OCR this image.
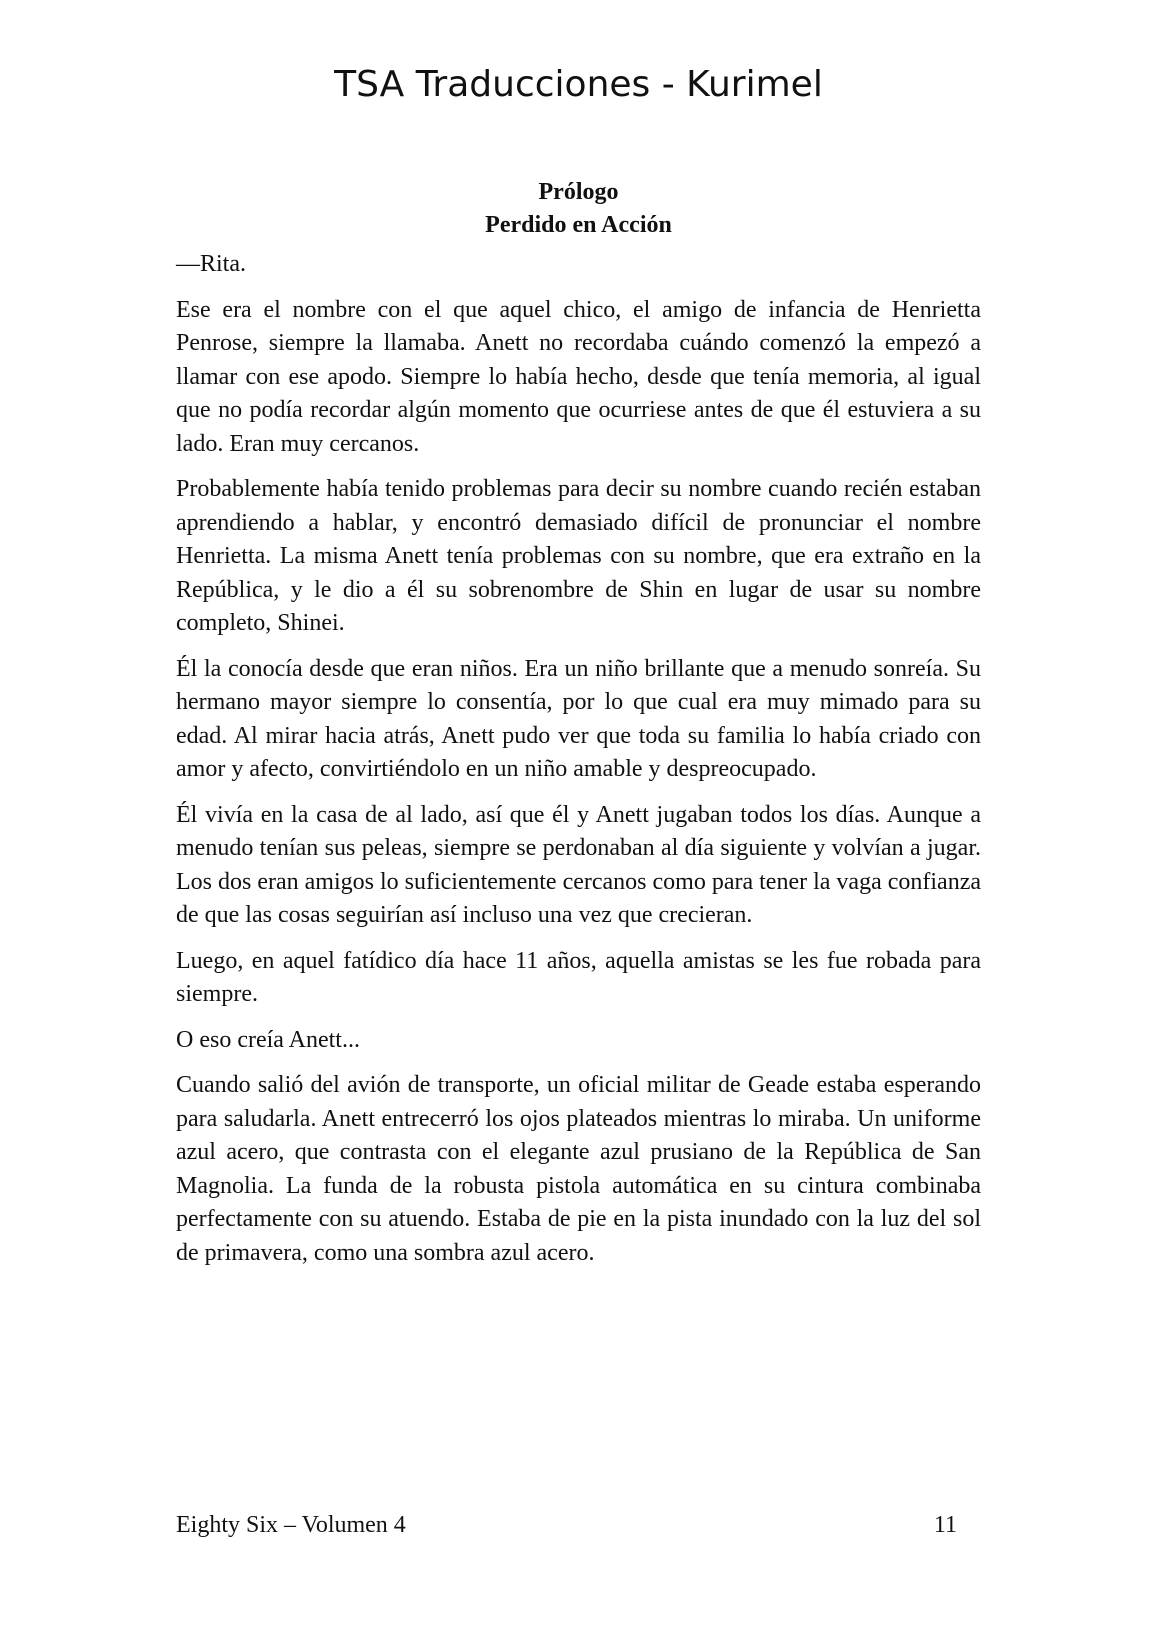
TSA Traducciones - Kurimel
Prólogo
Perdido en Acción

—Rita.

Ese era el nombre con el que aquel chico, el amigo de infancia de Henrietta Penrose, siempre la llamaba. Anett no recordaba cuándo comenzó la empezó a llamar con ese apodo. Siempre lo había hecho, desde que tenía memoria, al igual que no podía recordar algún momento que ocurriese antes de que él estuviera a su lado. Eran muy cercanos.

Probablemente había tenido problemas para decir su nombre cuando recién estaban aprendiendo a hablar, y encontró demasiado difícil de pronunciar el nombre Henrietta. La misma Anett tenía problemas con su nombre, que era extraño en la República, y le dio a él su sobrenombre de Shin en lugar de usar su nombre completo, Shinei.

Él la conocía desde que eran niños. Era un niño brillante que a menudo sonreía. Su hermano mayor siempre lo consentía, por lo que cual era muy mimado para su edad. Al mirar hacia atrás, Anett pudo ver que toda su familia lo había criado con amor y afecto, convirtiéndolo en un niño amable y despreocupado.

Él vivía en la casa de al lado, así que él y Anett jugaban todos los días. Aunque a menudo tenían sus peleas, siempre se perdonaban al día siguiente y volvían a jugar. Los dos eran amigos lo suficientemente cercanos como para tener la vaga confianza de que las cosas seguirían así incluso una vez que crecieran.

Luego, en aquel fatídico día hace 11 años, aquella amistas se les fue robada para siempre.

O eso creía Anett...

Cuando salió del avión de transporte, un oficial militar de Geade estaba esperando para saludarla. Anett entrecerró los ojos plateados mientras lo miraba. Un uniforme azul acero, que contrasta con el elegante azul prusiano de la República de San Magnolia. La funda de la robusta pistola automática en su cintura combinaba perfectamente con su atuendo. Estaba de pie en la pista inundado con la luz del sol de primavera, como una sombra azul acero.

Eighty Six – Volumen 4	11
